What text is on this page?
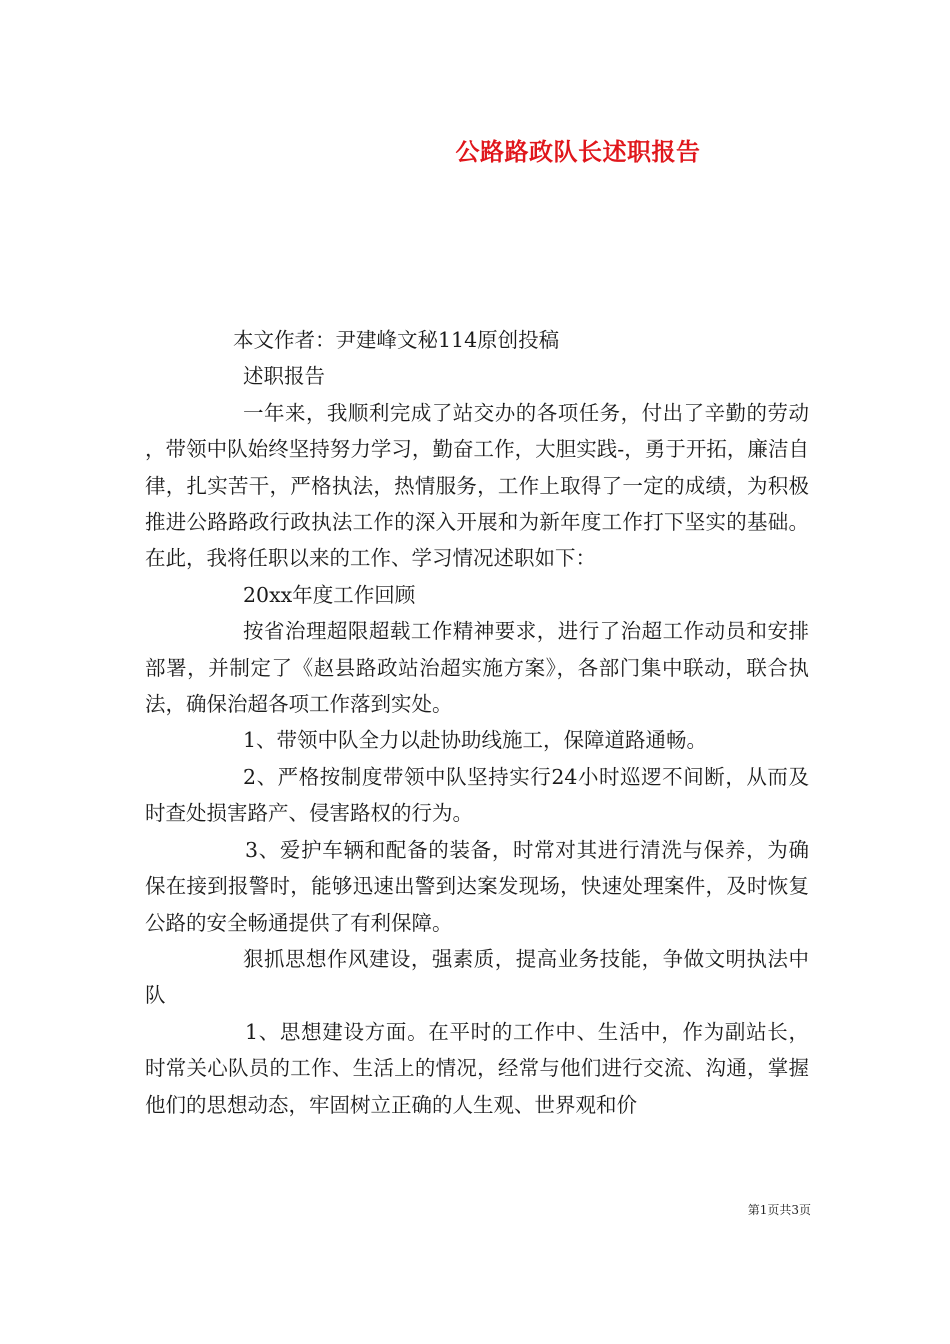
公路路政队长述职报告

本文作者：尹建峰文秘114原创投稿

述职报告

一年来，我顺利完成了站交办的各项任务，付出了辛勤的劳动，带领中队始终坚持努力学习，勤奋工作，大胆实践-，勇于开拓，廉洁自律，扎实苦干，严格执法，热情服务，工作上取得了一定的成绩，为积极推进公路路政行政执法工作的深入开展和为新年度工作打下坚实的基础。在此，我将任职以来的工作、学习情况述职如下：

20xx年度工作回顾

按省治理超限超载工作精神要求，进行了治超工作动员和安排部署，并制定了《赵县路政站治超实施方案》，各部门集中联动，联合执法，确保治超各项工作落到实处。

1、带领中队全力以赴协助线施工，保障道路通畅。

2、严格按制度带领中队坚持实行24小时巡逻不间断，从而及时查处损害路产、侵害路权的行为。

3、爱护车辆和配备的装备，时常对其进行清洗与保养，为确保在接到报警时，能够迅速出警到达案发现场，快速处理案件，及时恢复公路的安全畅通提供了有利保障。

狠抓思想作风建设，强素质，提高业务技能，争做文明执法中队

1、思想建设方面。在平时的工作中、生活中，作为副站长，时常关心队员的工作、生活上的情况，经常与他们进行交流、沟通，掌握他们的思想动态，牢固树立正确的人生观、世界观和价

第1页共3页
